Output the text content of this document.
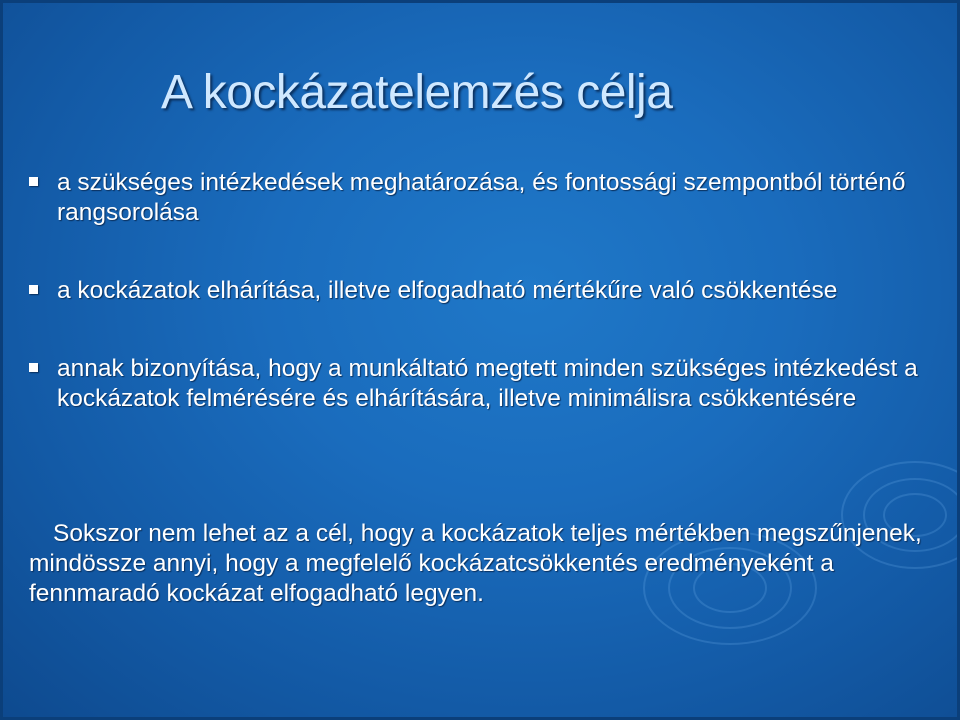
A kockázatelemzés célja
a szükséges intézkedések meghatározása, és fontossági szempontból történő rangsorolása
a kockázatok elhárítása, illetve elfogadható mértékűre való csökkentése
annak bizonyítása, hogy a munkáltató megtett minden szükséges intézkedést a kockázatok felmérésére és elhárítására, illetve minimálisra csökkentésére

Sokszor nem lehet az a cél, hogy a kockázatok teljes mértékben megszűnjenek, mindössze annyi, hogy a megfelelő kockázatcsökkentés eredményeként a fennmaradó kockázat elfogadható legyen.
